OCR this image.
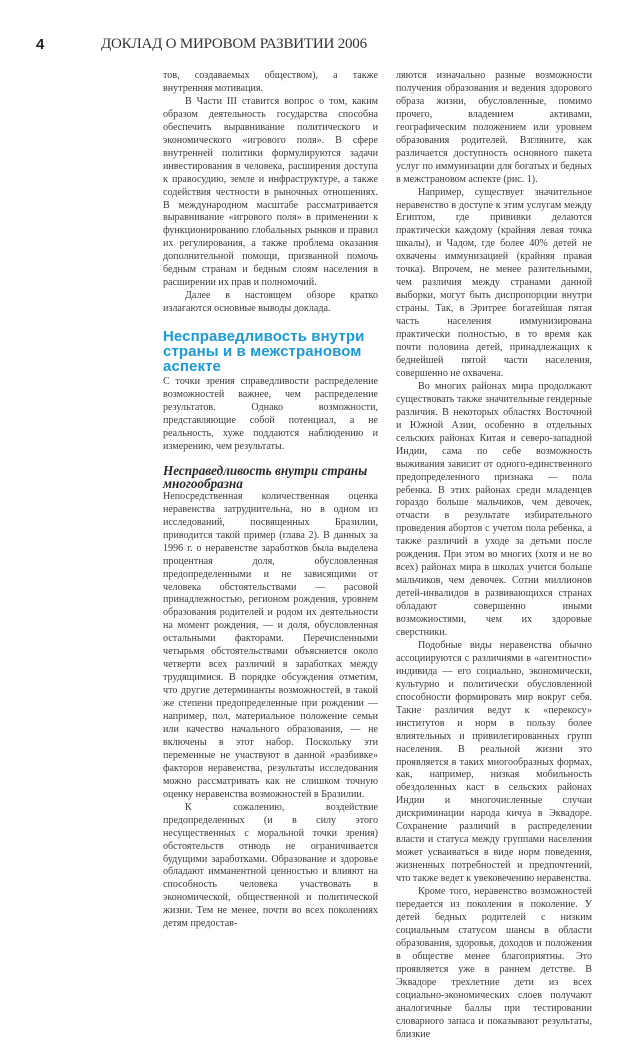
4	ДОКЛАД О МИРОВОМ РАЗВИТИИ 2006

тов, создаваемых обществом), а также внутренняя мотивация.

В Части III ставится вопрос о том, каким образом деятельность государства способна обеспечить выравнивание политического и экономического «игрового поля». В сфере внутренней политики формулируются задачи инвестирования в человека, расширения доступа к правосудию, земле и инфраструктуре, а также содействия честности в рыночных отношениях. В международном масштабе рассматривается выравнивание «игрового поля» в применении к функционированию глобальных рынков и правил их регулирования, а также проблема оказания дополнительной помощи, призванной помочь бедным странам и бедным слоям населения в расширении их прав и полномочий.

Далее в настоящем обзоре кратко излагаются основные выводы доклада.

Несправедливость внутри страны и в межстрановом аспекте

С точки зрения справедливости распределение возможностей важнее, чем распределение результатов. Однако возможности, представляющие собой потенциал, а не реальность, хуже поддаются наблюдению и измерению, чем результаты.

Несправедливость внутри страны многообразна

Непосредственная количественная оценка неравенства затруднительна, но в одном из исследований, посвященных Бразилии, приводится такой пример (глава 2). В данных за 1996 г. о неравенстве заработков была выделена процентная доля, обусловленная предопределенными и не зависящими от человека обстоятельствами — расовой принадлежностью, регионом рождения, уровнем образования родителей и родом их деятельности на момент рождения, — и доля, обусловленная остальными факторами. Перечисленными четырьмя обстоятельствами объясняется около четверти всех различий в заработках между трудящимися. В порядке обсуждения отметим, что другие детерминанты возможностей, в такой же степени предопределенные при рождении — например, пол, материальное положение семьи или качество начального образования, — не включены в этот набор. Поскольку эти переменные не участвуют в данной «разбивке» факторов неравенства, результаты исследования можно рассматривать как не слишком точную оценку неравенства возможностей в Бразилии.

К сожалению, воздействие предопределенных (и в силу этого несущественных с моральной точки зрения) обстоятельств отнюдь не ограничивается будущими заработками. Образование и здоровье обладают имманентной ценностью и влияют на способность человека участвовать в экономической, общественной и политической жизни. Тем не менее, почти во всех поколениях детям предостав-

ляются изначально разные возможности получения образования и ведения здорового образа жизни, обусловленные, помимо прочего, владением активами, географическим положением или уровнем образования родителей. Взгляните, как различается доступность основного пакета услуг по иммунизации для богатых и бедных в межстрановом аспекте (рис. 1).

Например, существует значительное неравенство в доступе к этим услугам между Египтом, где прививки делаются практически каждому (крайняя левая точка шкалы), и Чадом, где более 40% детей не охвачены иммунизацией (крайняя правая точка). Впрочем, не менее разительными, чем различия между странами данной выборки, могут быть диспропорции внутри страны. Так, в Эритрее богатейшая пятая часть населения иммунизирована практически полностью, в то время как почти половина детей, принадлежащих к беднейшей пятой части населения, совершенно не охвачена.

Во многих районах мира продолжают существовать также значительные гендерные различия. В некоторых областях Восточной и Южной Азии, особенно в отдельных сельских районах Китая и северо-западной Индии, сама по себе возможность выживания зависит от одного-единственного предопределенного признака — пола ребенка. В этих районах среди младенцев гораздо больше мальчиков, чем девочек, отчасти в результате избирательного проведения абортов с учетом пола ребенка, а также различий в уходе за детьми после рождения. При этом во многих (хотя и не во всех) районах мира в школах учится больше мальчиков, чем девочек. Сотни миллионов детей-инвалидов в развивающихся странах обладают совершенно иными возможностями, чем их здоровые сверстники.

Подобные виды неравенства обычно ассоциируются с различиями в «агентности» индивида — его социально, экономически, культурно и политически обусловленной способности формировать мир вокруг себя. Такие различия ведут к «перекосу» институтов и норм в пользу более влиятельных и привилегированных групп населения. В реальной жизни это проявляется в таких многообразных формах, как, например, низкая мобильность обездоленных каст в сельских районах Индии и многочисленные случаи дискриминации народа кичуа в Эквадоре. Сохранение различий в распределении власти и статуса между группами населения может усваиваться в виде норм поведения, жизненных потребностей и предпочтений, что также ведет к увековечению неравенства.

Кроме того, неравенство возможностей передается из поколения в поколение. У детей бедных родителей с низким социальным статусом шансы в области образования, здоровья, доходов и положения в обществе менее благоприятны. Это проявляется уже в раннем детстве. В Эквадоре трехлетние дети из всех социально-экономических слоев получают аналогичные баллы при тестировании словарного запаса и показывают результаты, близкие
